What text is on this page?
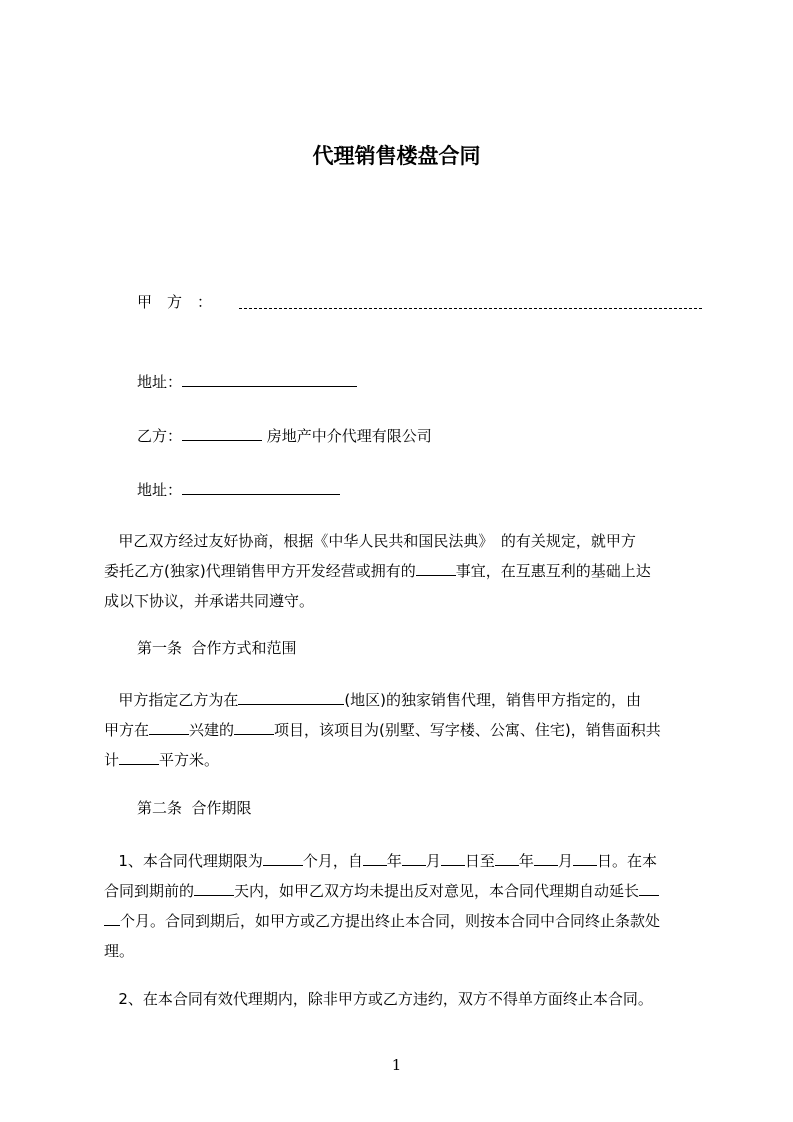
代理销售楼盘合同
甲　方　：
地址：
乙方：	房地产中介代理有限公司
地址：
甲乙双方经过友好协商，根据《中华人民共和国民法典》　的有关规定，就甲方
委托乙方(独家)代理销售甲方开发经营或拥有的	事宜，在互惠互利的基础上达
成以下协议，并承诺共同遵守。
第一条  合作方式和范围
甲方指定乙方为在	(地区)的独家销售代理，销售甲方指定的，由
甲方在	兴建的	项目，该项目为(别墅、写字楼、公寓、住宅)，销售面积共
计	平方米。
第二条  合作期限
1、本合同代理期限为	个月，自 年 月 日至 年 月 日。在本
合同到期前的	天内，如甲乙双方均未提出反对意见，本合同代理期自动延长
个月。合同到期后，如甲方或乙方提出终止本合同，则按本合同中合同终止条款处
理。
2、在本合同有效代理期内，除非甲方或乙方违约，双方不得单方面终止本合同。
1
